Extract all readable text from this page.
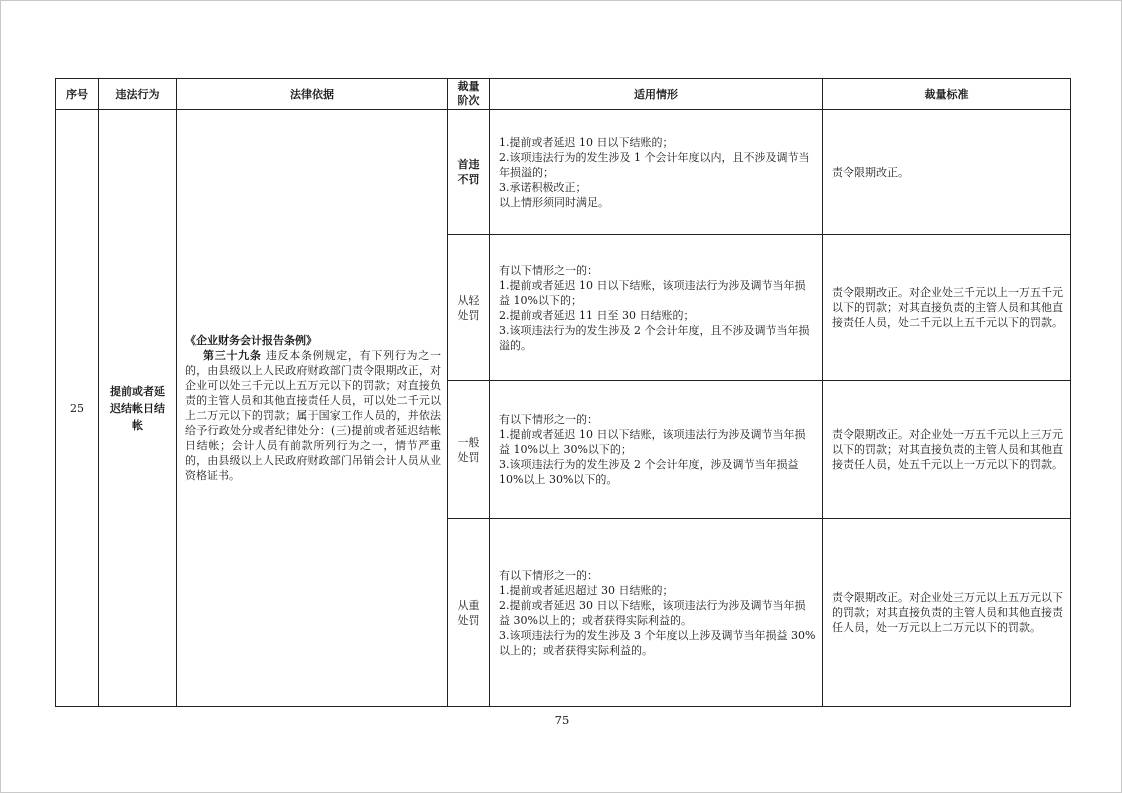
序号	违法行为	法律依据	裁量阶次	适用情形	裁量标准
25	提前或者延迟结帐日结帐	《企业财务会计报告条例》
第三十九条 违反本条例规定，有下列行为之一的，由县级以上人民政府财政部门责令限期改正，对企业可以处三千元以上五万元以下的罚款；对直接负责的主管人员和其他直接责任人员，可以处二千元以上二万元以下的罚款；属于国家工作人员的，并依法给予行政处分或者纪律处分：(三)提前或者延迟结帐日结帐；会计人员有前款所列行为之一，情节严重的，由县级以上人民政府财政部门吊销会计人员从业资格证书。	首违不罚	1.提前或者延迟 10 日以下结账的；
2.该项违法行为的发生涉及 1 个会计年度以内，且不涉及调节当年损溢的；
3.承诺积极改正；
以上情形须同时满足。	责令限期改正。
			从轻处罚	有以下情形之一的：
1.提前或者延迟 10 日以下结账，该项违法行为涉及调节当年损益 10%以下的；
2.提前或者延迟 11 日至 30 日结账的；
3.该项违法行为的发生涉及 2 个会计年度，且不涉及调节当年损溢的。	责令限期改正。对企业处三千元以上一万五千元以下的罚款；对其直接负责的主管人员和其他直接责任人员，处二千元以上五千元以下的罚款。
			一般处罚	有以下情形之一的：
1.提前或者延迟 10 日以下结账，该项违法行为涉及调节当年损益 10%以上 30%以下的；
3.该项违法行为的发生涉及 2 个会计年度，涉及调节当年损益 10%以上 30%以下的。	责令限期改正。对企业处一万五千元以上三万元以下的罚款；对其直接负责的主管人员和其他直接责任人员，处五千元以上一万元以下的罚款。
			从重处罚	有以下情形之一的：
1.提前或者延迟超过 30 日结账的；
2.提前或者延迟 30 日以下结账，该项违法行为涉及调节当年损益 30%以上的；或者获得实际利益的。
3.该项违法行为的发生涉及 3 个年度以上涉及调节当年损益 30%以上的；或者获得实际利益的。	责令限期改正。对企业处三万元以上五万元以下的罚款；对其直接负责的主管人员和其他直接责任人员，处一万元以上二万元以下的罚款。
75
